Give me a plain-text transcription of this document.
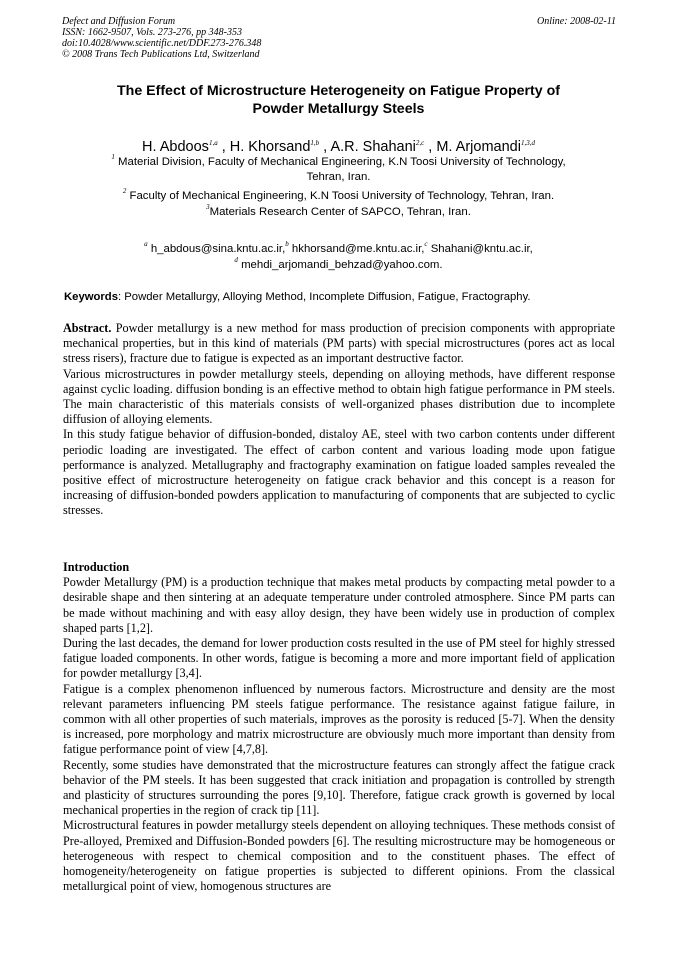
Defect and Diffusion Forum
ISSN: 1662-9507, Vols. 273-276, pp 348-353
doi:10.4028/www.scientific.net/DDF.273-276.348
© 2008 Trans Tech Publications Ltd, Switzerland
Online: 2008-02-11
The Effect of Microstructure Heterogeneity on Fatigue Property of
Powder Metallurgy Steels
H. Abdoos$^{1,a}$ , H. Khorsand$^{1,b}$ , A.R. Shahani$^{2,c}$ , M. Arjomandi$^{1,3,d}$
$^1$ Material Division, Faculty of Mechanical Engineering, K.N Toosi University of Technology,
Tehran, Iran.
$^2$ Faculty of Mechanical Engineering, K.N Toosi University of Technology, Tehran, Iran.
$^3$Materials Research Center of SAPCO, Tehran, Iran.
$^a$ h_abdous@sina.kntu.ac.ir,$^b$ hkhorsand@me.kntu.ac.ir,$^c$ Shahani@kntu.ac.ir,
$^d$ mehdi_arjomandi_behzad@yahoo.com.
Keywords: Powder Metallurgy, Alloying Method, Incomplete Diffusion, Fatigue, Fractography.

Abstract. Powder metallurgy is a new method for mass production of precision components with appropriate mechanical properties, but in this kind of materials (PM parts) with special microstructures (pores act as local stress risers), fracture due to fatigue is expected as an important destructive factor.

Various microstructures in powder metallurgy steels, depending on alloying methods, have different response against cyclic loading. diffusion bonding is an effective method to obtain high fatigue performance in PM steels. The main characteristic of this materials consists of well-organized phases distribution due to incomplete diffusion of alloying elements.

In this study fatigue behavior of diffusion-bonded, distaloy AE, steel with two carbon contents under different periodic loading are investigated. The effect of carbon content and various loading mode upon fatigue performance is analyzed. Metallugraphy and fractography examination on fatigue loaded samples revealed the positive effect of microstructure heterogeneity on fatigue crack behavior and this concept is a reason for increasing of diffusion-bonded powders application to manufacturing of components that are subjected to cyclic stresses.

Introduction

Powder Metallurgy (PM) is a production technique that makes metal products by compacting metal powder to a desirable shape and then sintering at an adequate temperature under controled atmosphere. Since PM parts can be made without machining and with easy alloy design, they have been widely use in production of complex shaped parts [1,2].

During the last decades, the demand for lower production costs resulted in the use of PM steel for highly stressed fatigue loaded components. In other words, fatigue is becoming a more and more important field of application for powder metallurgy [3,4].

Fatigue is a complex phenomenon influenced by numerous factors. Microstructure and density are the most relevant parameters influencing PM steels fatigue performance. The resistance against fatigue failure, in common with all other properties of such materials, improves as the porosity is reduced [5-7]. When the density is increased, pore morphology and matrix microstructure are obviously much more important than density from fatigue performance point of view [4,7,8].

Recently, some studies have demonstrated that the microstructure features can strongly affect the fatigue crack behavior of the PM steels. It has been suggested that crack initiation and propagation is controlled by strength and plasticity of structures surrounding the pores [9,10]. Therefore, fatigue crack growth is governed by local mechanical properties in the region of crack tip [11].

Microstructural features in powder metallurgy steels dependent on alloying techniques. These methods consist of Pre-alloyed, Premixed and Diffusion-Bonded powders [6]. The resulting microstructure may be homogeneous or heterogeneous with respect to chemical composition and to the constituent phases. The effect of homogeneity/heterogeneity on fatigue properties is subjected to different opinions. From the classical metallurgical point of view, homogenous structures are
